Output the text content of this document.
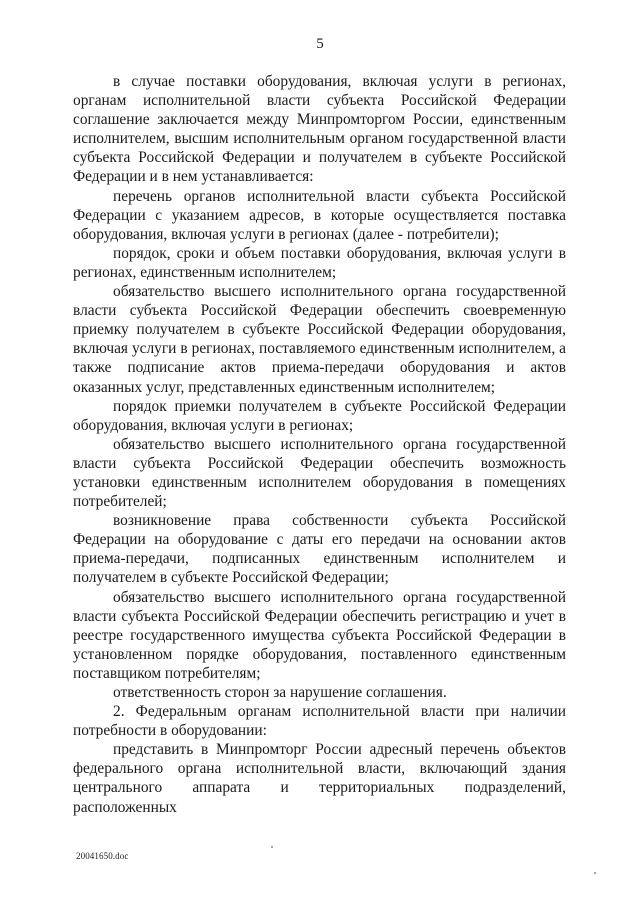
5

в случае поставки оборудования, включая услуги в регионах, органам исполнительной власти субъекта Российской Федерации соглашение заключается между Минпромторгом России, единственным исполнителем, высшим исполнительным органом государственной власти субъекта Российской Федерации и получателем в субъекте Российской Федерации и в нем устанавливается:

перечень органов исполнительной власти субъекта Российской Федерации с указанием адресов, в которые осуществляется поставка оборудования, включая услуги в регионах (далее - потребители);

порядок, сроки и объем поставки оборудования, включая услуги в регионах, единственным исполнителем;

обязательство высшего исполнительного органа государственной власти субъекта Российской Федерации обеспечить своевременную приемку получателем в субъекте Российской Федерации оборудования, включая услуги в регионах, поставляемого единственным исполнителем, а также подписание актов приема-передачи оборудования и актов оказанных услуг, представленных единственным исполнителем;

порядок приемки получателем в субъекте Российской Федерации оборудования, включая услуги в регионах;

обязательство высшего исполнительного органа государственной власти субъекта Российской Федерации обеспечить возможность установки единственным исполнителем оборудования в помещениях потребителей;

возникновение права собственности субъекта Российской Федерации на оборудование с даты его передачи на основании актов приема-передачи, подписанных единственным исполнителем и получателем в субъекте Российской Федерации;

обязательство высшего исполнительного органа государственной власти субъекта Российской Федерации обеспечить регистрацию и учет в реестре государственного имущества субъекта Российской Федерации в установленном порядке оборудования, поставленного единственным поставщиком потребителям;

ответственность сторон за нарушение соглашения.

2. Федеральным органам исполнительной власти при наличии потребности в оборудовании:

представить в Минпромторг России адресный перечень объектов федерального органа исполнительной власти, включающий здания центрального аппарата и территориальных подразделений, расположенных

20041650.doc
